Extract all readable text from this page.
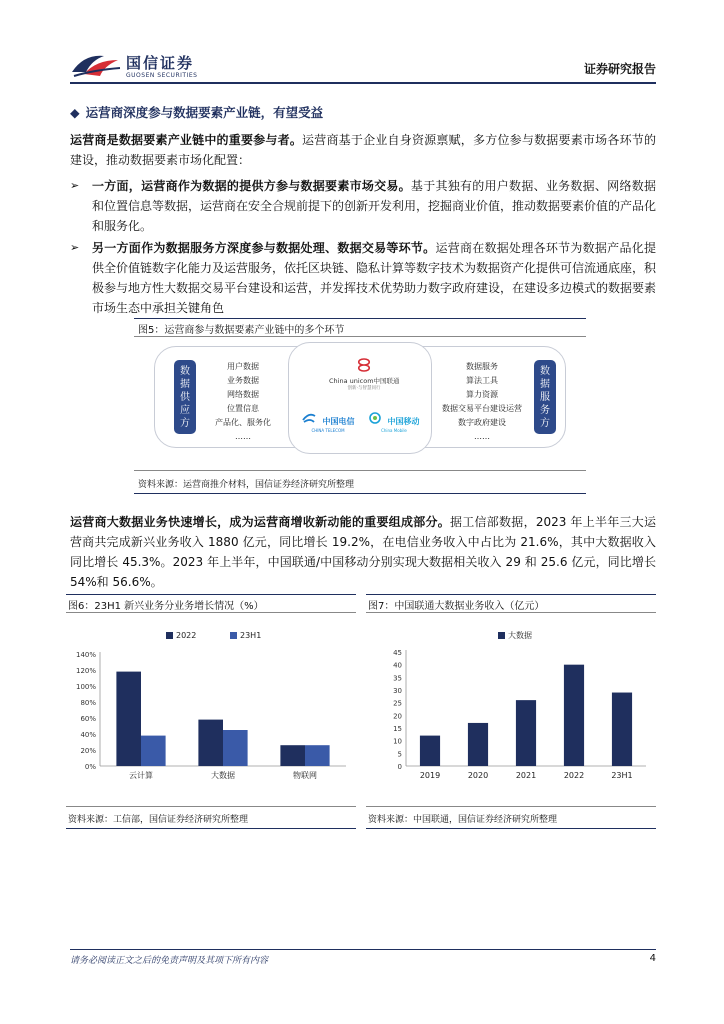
国信证券
GUOSEN SECURITIES	证券研究报告
◆ 运营商深度参与数据要素产业链，有望受益
运营商是数据要素产业链中的重要参与者。运营商基于企业自身资源禀赋，多方位参与数据要素市场各环节的建设，推动数据要素市场化配置：
➢ 一方面，运营商作为数据的提供方参与数据要素市场交易。基于其独有的用户数据、业务数据、网络数据和位置信息等数据，运营商在安全合规前提下的创新开发利用，挖掘商业价值，推动数据要素价值的产品化和服务化。
➢ 另一方面作为数据服务方深度参与数据处理、数据交易等环节。运营商在数据处理各环节为数据产品化提供全价值链数字化能力及运营服务，依托区块链、隐私计算等数字技术为数据资产化提供可信流通底座，积极参与地方性大数据交易平台建设和运营，并发挥技术优势助力数字政府建设，在建设多边模式的数据要素市场生态中承担关键角色
图5：运营商参与数据要素产业链中的多个环节
数据供应方
用户数据
业务数据
网络数据
位置信息
产品化、服务化
……
China unicom中国联通
创新·与智慧同行
中国电信
CHINA TELECOM
中国移动
China Mobile
数据服务
算法工具
算力资源
数据交易平台建设运营
数字政府建设
……
数据服务方
资料来源：运营商推介材料，国信证券经济研究所整理
运营商大数据业务快速增长，成为运营商增收新动能的重要组成部分。据工信部数据，2023 年上半年三大运营商共完成新兴业务收入 1880 亿元，同比增长 19.2%，在电信业务收入中占比为 21.6%，其中大数据收入同比增长 45.3%。2023 年上半年，中国联通/中国移动分别实现大数据相关收入 29 和 25.6 亿元，同比增长 54%和 56.6%。
图6：23H1 新兴业务分业务增长情况（%）
2022	23H1
0%
20%
40%
60%
80%
100%
120%
140%
云计算	大数据	物联网
资料来源：工信部，国信证券经济研究所整理
图7：中国联通大数据业务收入（亿元）
大数据
0
5
10
15
20
25
30
35
40
45
2019	2020	2021	2022	23H1
资料来源：中国联通，国信证券经济研究所整理
请务必阅读正文之后的免责声明及其项下所有内容	4
